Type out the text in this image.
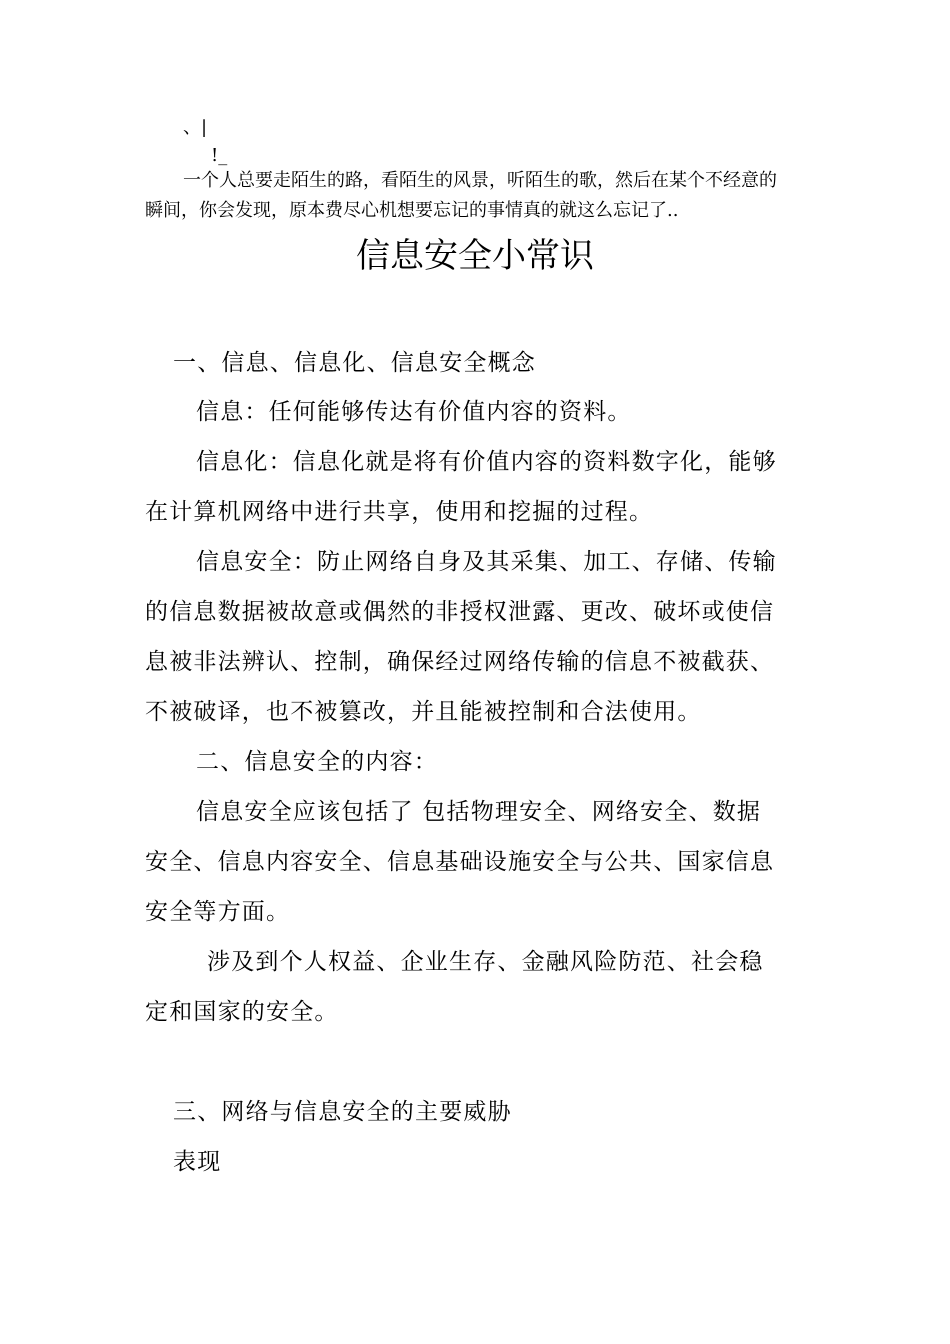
、|
!_
一个人总要走陌生的路，看陌生的风景，听陌生的歌，然后在某个不经意的
瞬间，你会发现，原本费尽心机想要忘记的事情真的就这么忘记了..
信息安全小常识
一、信息、信息化、信息安全概念
信息：任何能够传达有价值内容的资料。
信息化：信息化就是将有价值内容的资料数字化，能够
在计算机网络中进行共享，使用和挖掘的过程。
信息安全：防止网络自身及其采集、加工、存储、传输
的信息数据被故意或偶然的非授权泄露、更改、破坏或使信
息被非法辨认、控制，确保经过网络传输的信息不被截获、
不被破译，也不被篡改，并且能被控制和合法使用。
二、信息安全的内容：
信息安全应该包括了 包括物理安全、网络安全、数据
安全、信息内容安全、信息基础设施安全与公共、国家信息
安全等方面。
涉及到个人权益、企业生存、金融风险防范、社会稳
定和国家的安全。
三、网络与信息安全的主要威胁
表现
